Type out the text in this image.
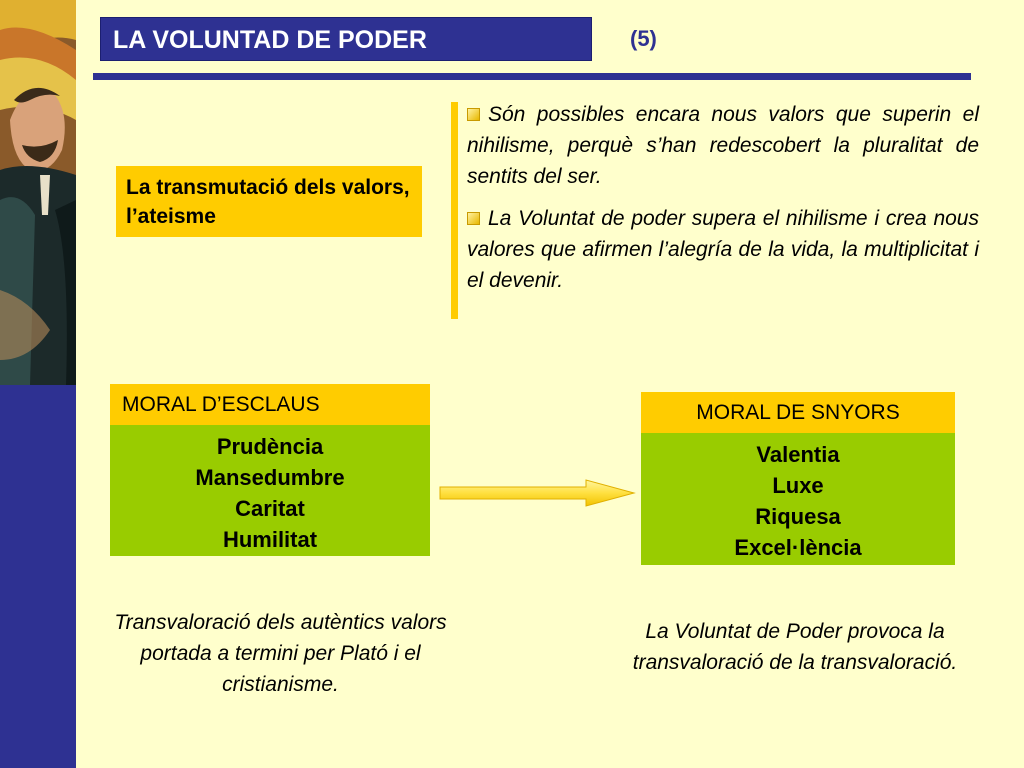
LA VOLUNTAD DE PODER	(5)
La transmutació dels valors, l’ateisme

Són possibles encara nous valors que superin el nihilisme, perquè s’han redescobert la pluralitat de sentits del ser.

La Voluntat de poder supera el nihilisme i crea nous valores que afirmen l’alegría de la vida, la multiplicitat i el devenir.

MORAL D’ESCLAUS
Prudència
Mansedumbre
Caritat
Humilitat
MORAL DE SNYORS
Valentia
Luxe
Riquesa
Excel·lència
Transvaloració dels autèntics valors portada a termini per Plató i el cristianisme.
La Voluntat de Poder provoca la transvaloració de la transvaloració.
